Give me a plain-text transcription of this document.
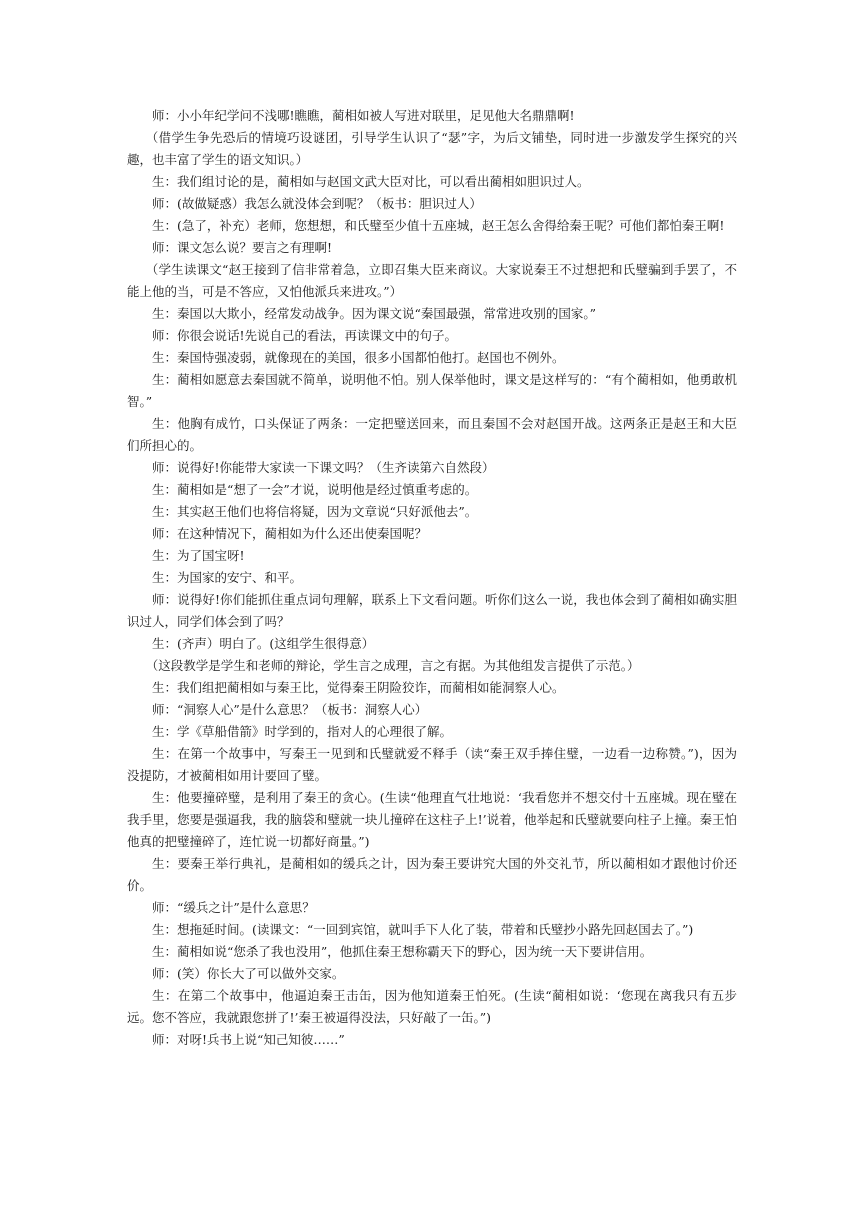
师：小小年纪学问不浅哪!瞧瞧，蔺相如被人写进对联里，足见他大名鼎鼎啊!

（借学生争先恐后的情境巧设谜团，引导学生认识了“瑟”字，为后文铺垫，同时进一步激发学生探究的兴趣，也丰富了学生的语文知识。）

生：我们组讨论的是，蔺相如与赵国文武大臣对比，可以看出蔺相如胆识过人。

师：(故做疑惑）我怎么就没体会到呢？（板书：胆识过人）

生：(急了，补充）老师，您想想，和氏璧至少值十五座城，赵王怎么舍得给秦王呢？可他们都怕秦王啊!

师：课文怎么说？要言之有理啊!

（学生读课文“赵王接到了信非常着急，立即召集大臣来商议。大家说秦王不过想把和氏璧骗到手罢了，不能上他的当，可是不答应，又怕他派兵来进攻。”）

生：秦国以大欺小，经常发动战争。因为课文说“秦国最强，常常进攻别的国家。”

师：你很会说话!先说自己的看法，再读课文中的句子。

生：秦国恃强凌弱，就像现在的美国，很多小国都怕他打。赵国也不例外。

生：蔺相如愿意去秦国就不简单，说明他不怕。别人保举他时，课文是这样写的：“有个蔺相如，他勇敢机智。”

生：他胸有成竹，口头保证了两条：一定把璧送回来，而且秦国不会对赵国开战。这两条正是赵王和大臣们所担心的。

师：说得好!你能带大家读一下课文吗？（生齐读第六自然段）

生：蔺相如是“想了一会”才说，说明他是经过慎重考虑的。

生：其实赵王他们也将信将疑，因为文章说“只好派他去”。

师：在这种情况下，蔺相如为什么还出使秦国呢？

生：为了国宝呀!

生：为国家的安宁、和平。

师：说得好!你们能抓住重点词句理解，联系上下文看问题。听你们这么一说，我也体会到了蔺相如确实胆识过人，同学们体会到了吗？

生：(齐声）明白了。(这组学生很得意）

（这段教学是学生和老师的辩论，学生言之成理，言之有据。为其他组发言提供了示范。）

生：我们组把蔺相如与秦王比，觉得秦王阴险狡诈，而蔺相如能洞察人心。

师：“洞察人心”是什么意思？（板书：洞察人心）

生：学《草船借箭》时学到的，指对人的心理很了解。

生：在第一个故事中，写秦王一见到和氏璧就爱不释手（读“秦王双手捧住璧，一边看一边称赞。”)，因为没提防，才被蔺相如用计要回了璧。

生：他要撞碎璧，是利用了秦王的贪心。(生读“他理直气壮地说：‘我看您并不想交付十五座城。现在璧在我手里，您要是强逼我，我的脑袋和璧就一块儿撞碎在这柱子上!’说着，他举起和氏璧就要向柱子上撞。秦王怕他真的把璧撞碎了，连忙说一切都好商量。”)

生：要秦王举行典礼，是蔺相如的缓兵之计，因为秦王要讲究大国的外交礼节，所以蔺相如才跟他讨价还价。

师：“缓兵之计”是什么意思？

生：想拖延时间。(读课文：“一回到宾馆，就叫手下人化了装，带着和氏璧抄小路先回赵国去了。”)

生：蔺相如说“您杀了我也没用”，他抓住秦王想称霸天下的野心，因为统一天下要讲信用。

师：(笑）你长大了可以做外交家。

生：在第二个故事中，他逼迫秦王击缶，因为他知道秦王怕死。(生读“蔺相如说：‘您现在离我只有五步远。您不答应，我就跟您拼了!’秦王被逼得没法，只好敲了一缶。”)

师：对呀!兵书上说“知己知彼……”
